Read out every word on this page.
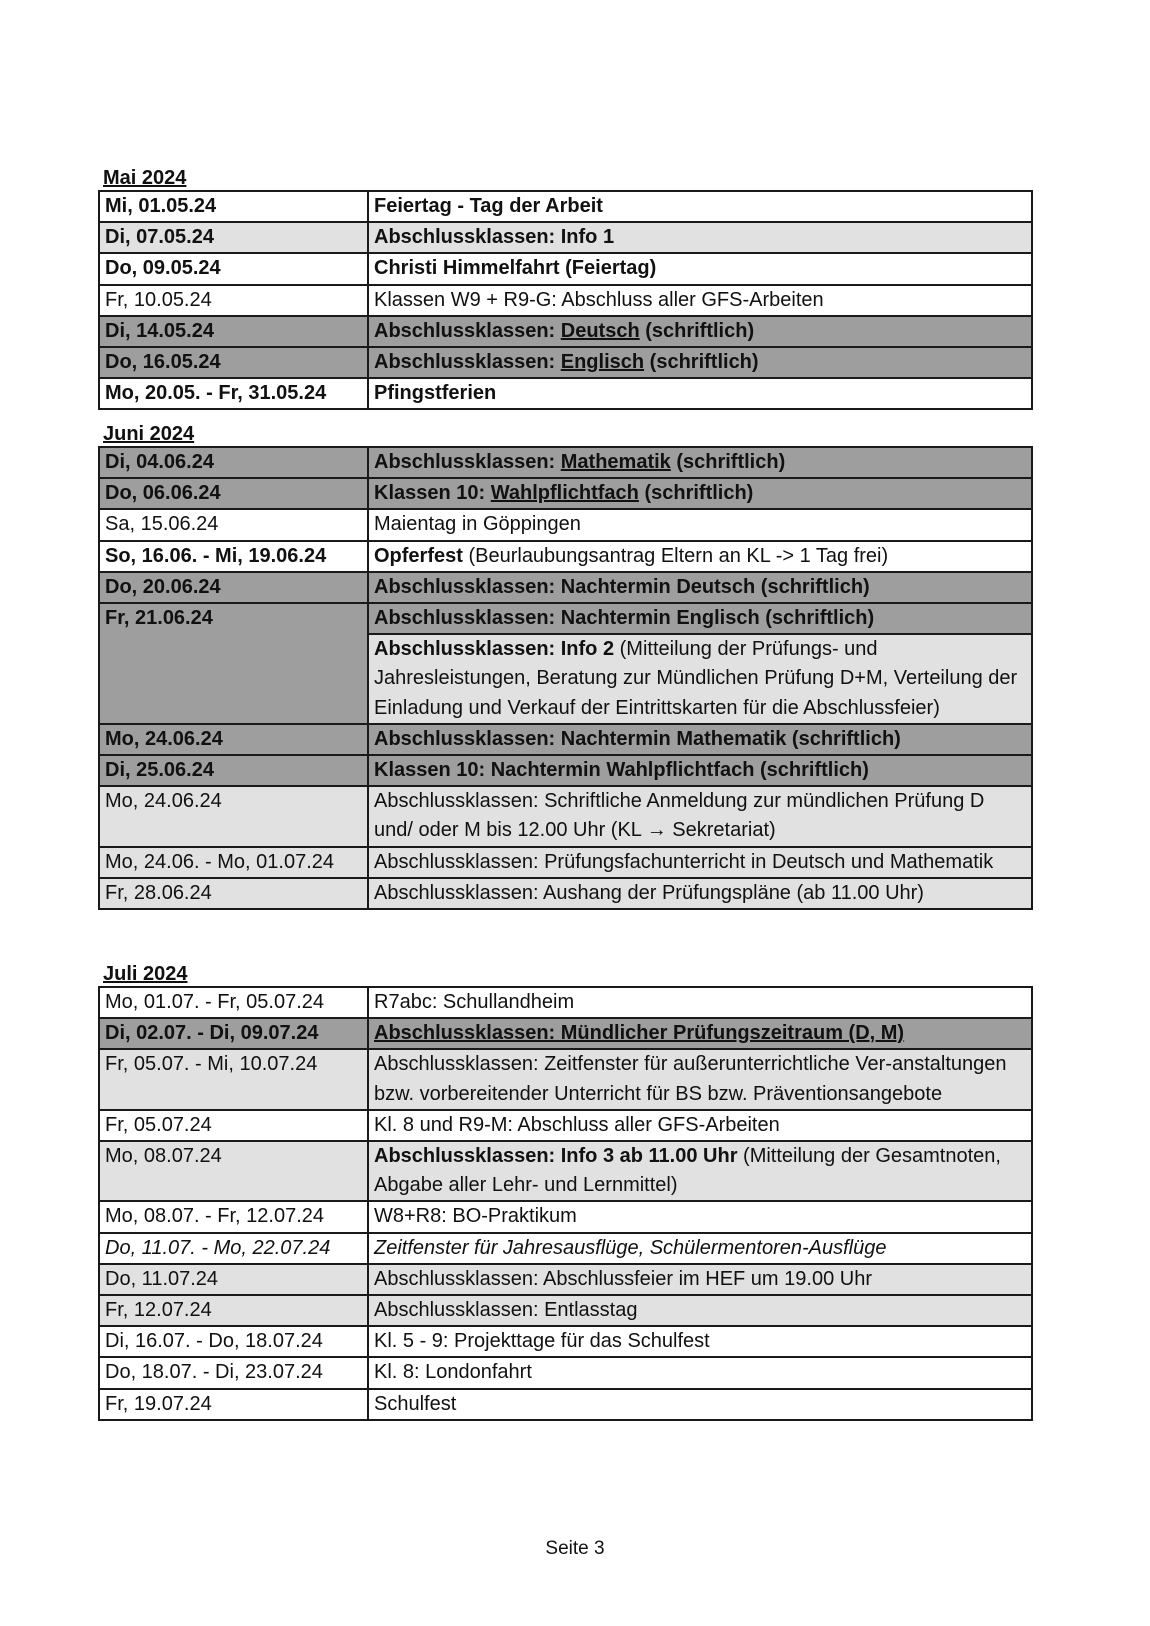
Mai 2024
Mi, 01.05.24	Feiertag - Tag der Arbeit
Di, 07.05.24	Abschlussklassen: Info 1
Do, 09.05.24	Christi Himmelfahrt (Feiertag)
Fr, 10.05.24	Klassen W9 + R9-G: Abschluss aller GFS-Arbeiten
Di, 14.05.24	Abschlussklassen: Deutsch (schriftlich)
Do, 16.05.24	Abschlussklassen: Englisch (schriftlich)
Mo, 20.05. - Fr, 31.05.24	Pfingstferien
Juni 2024
Di, 04.06.24	Abschlussklassen: Mathematik (schriftlich)
Do, 06.06.24	Klassen 10: Wahlpflichtfach (schriftlich)
Sa, 15.06.24	Maientag in Göppingen
So, 16.06. - Mi, 19.06.24	Opferfest (Beurlaubungsantrag Eltern an KL -> 1 Tag frei)
Do, 20.06.24	Abschlussklassen: Nachtermin Deutsch (schriftlich)
Fr, 21.06.24	Abschlussklassen: Nachtermin Englisch (schriftlich)
	Abschlussklassen: Info 2 (Mitteilung der Prüfungs- und Jahresleistungen, Beratung zur Mündlichen Prüfung D+M, Verteilung der Einladung und Verkauf der Eintrittskarten für die Abschlussfeier)
Mo, 24.06.24	Abschlussklassen: Nachtermin Mathematik (schriftlich)
Di, 25.06.24	Klassen 10: Nachtermin Wahlpflichtfach (schriftlich)
Mo, 24.06.24	Abschlussklassen: Schriftliche Anmeldung zur mündlichen Prüfung D und/ oder M bis 12.00 Uhr (KL → Sekretariat)
Mo, 24.06. - Mo, 01.07.24	Abschlussklassen: Prüfungsfachunterricht in Deutsch und Mathematik
Fr, 28.06.24	Abschlussklassen: Aushang der Prüfungspläne (ab 11.00 Uhr)
Juli 2024
Mo, 01.07. - Fr, 05.07.24	R7abc: Schullandheim
Di, 02.07. - Di, 09.07.24	Abschlussklassen: Mündlicher Prüfungszeitraum (D, M)
Fr, 05.07. - Mi, 10.07.24	Abschlussklassen: Zeitfenster für außerunterrichtliche Ver-anstaltungen bzw. vorbereitender Unterricht für BS bzw. Präventionsangebote
Fr, 05.07.24	Kl. 8 und R9-M: Abschluss aller GFS-Arbeiten
Mo, 08.07.24	Abschlussklassen: Info 3 ab 11.00 Uhr (Mitteilung der Gesamtnoten, Abgabe aller Lehr- und Lernmittel)
Mo, 08.07. - Fr, 12.07.24	W8+R8: BO-Praktikum
Do, 11.07. - Mo, 22.07.24	Zeitfenster für Jahresausflüge, Schülermentoren-Ausflüge
Do, 11.07.24	Abschlussklassen: Abschlussfeier im HEF um 19.00 Uhr
Fr, 12.07.24	Abschlussklassen: Entlasstag
Di, 16.07. - Do, 18.07.24	Kl. 5 - 9: Projekttage für das Schulfest
Do, 18.07. - Di, 23.07.24	Kl. 8: Londonfahrt
Fr, 19.07.24	Schulfest
Seite 3
